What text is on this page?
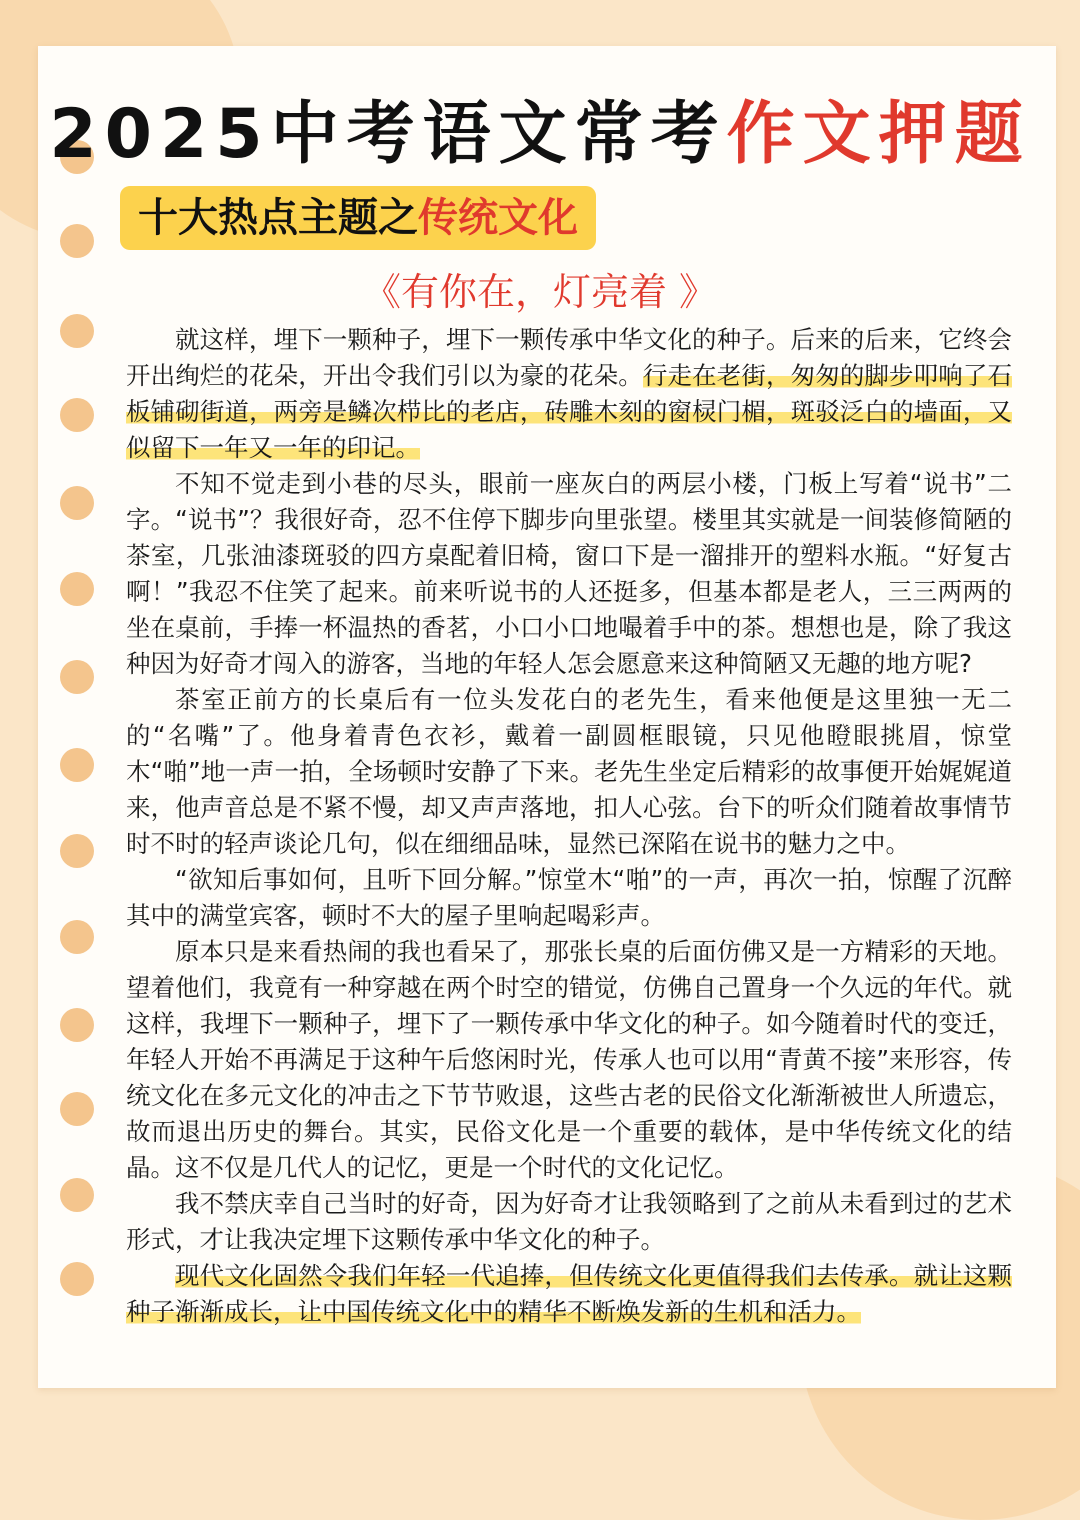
2025中考语文常考作文押题
十大热点主题之传统文化
《有你在，灯亮着 》

就这样，埋下一颗种子，埋下一颗传承中华文化的种子。后来的后来，它终会开出绚烂的花朵，开出令我们引以为豪的花朵。行走在老街，匆匆的脚步叩响了石板铺砌街道，两旁是鳞次栉比的老店，砖雕木刻的窗棂门楣，斑驳泛白的墙面，又似留下一年又一年的印记。

不知不觉走到小巷的尽头，眼前一座灰白的两层小楼，门板上写着“说书”二字。“说书”？我很好奇，忍不住停下脚步向里张望。楼里其实就是一间装修简陋的茶室，几张油漆斑驳的四方桌配着旧椅，窗口下是一溜排开的塑料水瓶。“好复古啊！”我忍不住笑了起来。前来听说书的人还挺多，但基本都是老人，三三两两的坐在桌前，手捧一杯温热的香茗，小口小口地嘬着手中的茶。想想也是，除了我这种因为好奇才闯入的游客，当地的年轻人怎会愿意来这种简陋又无趣的地方呢?

茶室正前方的长桌后有一位头发花白的老先生，看来他便是这里独一无二的“名嘴”了。他身着青色衣衫，戴着一副圆框眼镜，只见他瞪眼挑眉，惊堂木“啪”地一声一拍，全场顿时安静了下来。老先生坐定后精彩的故事便开始娓娓道来，他声音总是不紧不慢，却又声声落地，扣人心弦。台下的听众们随着故事情节时不时的轻声谈论几句，似在细细品味，显然已深陷在说书的魅力之中。

“欲知后事如何，且听下回分解。”惊堂木“啪”的一声，再次一拍，惊醒了沉醉其中的满堂宾客，顿时不大的屋子里响起喝彩声。

原本只是来看热闹的我也看呆了，那张长桌的后面仿佛又是一方精彩的天地。望着他们，我竟有一种穿越在两个时空的错觉，仿佛自己置身一个久远的年代。就这样，我埋下一颗种子，埋下了一颗传承中华文化的种子。如今随着时代的变迁，年轻人开始不再满足于这种午后悠闲时光，传承人也可以用“青黄不接”来形容，传统文化在多元文化的冲击之下节节败退，这些古老的民俗文化渐渐被世人所遗忘，故而退出历史的舞台。其实，民俗文化是一个重要的载体，是中华传统文化的结晶。这不仅是几代人的记忆，更是一个时代的文化记忆。

我不禁庆幸自己当时的好奇，因为好奇才让我领略到了之前从未看到过的艺术形式，才让我决定埋下这颗传承中华文化的种子。

现代文化固然令我们年轻一代追捧，但传统文化更值得我们去传承。就让这颗种子渐渐成长，让中国传统文化中的精华不断焕发新的生机和活力。
